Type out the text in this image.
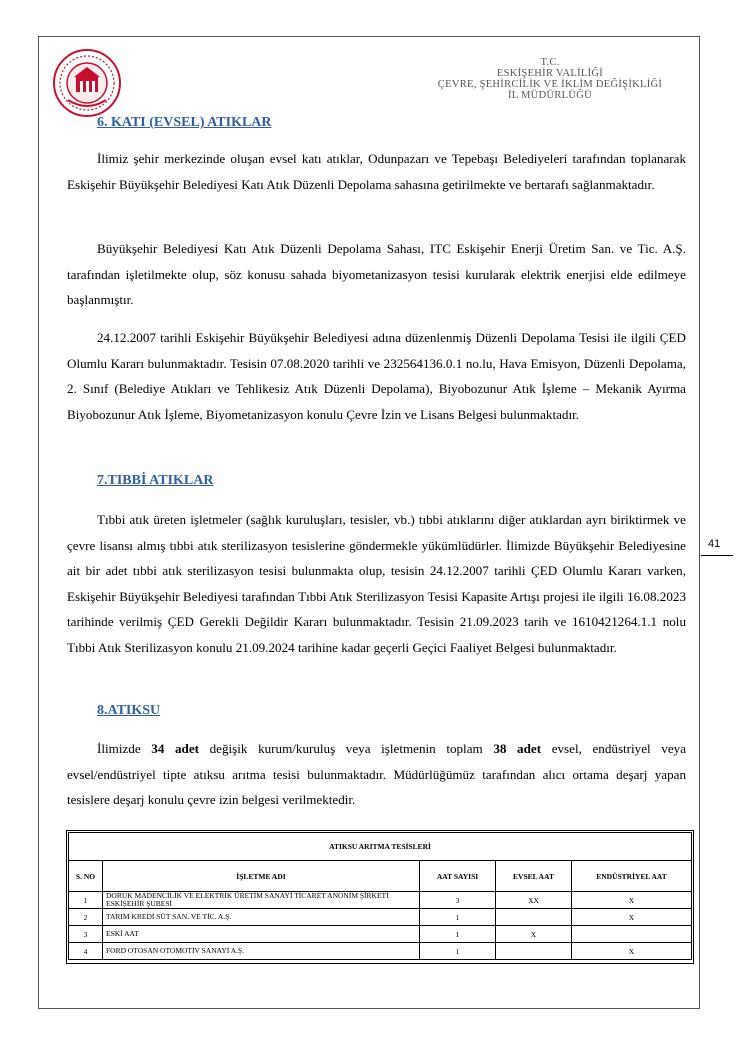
T.C.
ESKİŞEHİR VALİLİĞİ
ÇEVRE, ŞEHİRCİLİK VE İKLİM DEĞİŞİKLİĞİ
İL MÜDÜRLÜĞÜ
6. KATI (EVSEL) ATIKLAR

İlimiz şehir merkezinde oluşan evsel katı atıklar, Odunpazarı ve Tepebaşı Belediyeleri tarafından toplanarak Eskişehir Büyükşehir Belediyesi Katı Atık Düzenli Depolama sahasına getirilmekte ve bertarafı sağlanmaktadır.

Büyükşehir Belediyesi Katı Atık Düzenli Depolama Sahası, ITC Eskişehir Enerji Üretim San. ve Tic. A.Ş. tarafından işletilmekte olup, söz konusu sahada biyometanizasyon tesisi kurularak elektrik enerjisi elde edilmeye başlanmıştır.

24.12.2007 tarihli Eskişehir Büyükşehir Belediyesi adına düzenlenmiş Düzenli Depolama Tesisi ile ilgili ÇED Olumlu Kararı bulunmaktadır. Tesisin 07.08.2020 tarihli ve 232564136.0.1 no.lu, Hava Emisyon, Düzenli Depolama, 2. Sınıf (Belediye Atıkları ve Tehlikesiz Atık Düzenli Depolama), Biyobozunur Atık İşleme – Mekanik Ayırma Biyobozunur Atık İşleme, Biyometanizasyon konulu Çevre İzin ve Lisans Belgesi bulunmaktadır.

7.TIBBİ ATIKLAR

Tıbbi atık üreten işletmeler (sağlık kuruluşları, tesisler, vb.) tıbbi atıklarını diğer atıklardan ayrı biriktirmek ve çevre lisansı almış tıbbi atık sterilizasyon tesislerine göndermekle yükümlüdürler. İlimizde Büyükşehir Belediyesine ait bir adet tıbbi atık sterilizasyon tesisi bulunmakta olup, tesisin 24.12.2007 tarihli ÇED Olumlu Kararı varken, Eskişehir Büyükşehir Belediyesi tarafından Tıbbi Atık Sterilizasyon Tesisi Kapasite Artışı projesi ile ilgili 16.08.2023 tarihinde verilmiş ÇED Gerekli Değildir Kararı bulunmaktadır. Tesisin 21.09.2023 tarih ve 1610421264.1.1 nolu Tıbbi Atık Sterilizasyon konulu 21.09.2024 tarihine kadar geçerli Geçici Faaliyet Belgesi bulunmaktadır.

8.ATIKSU

İlimizde 34 adet değişik kurum/kuruluş veya işletmenin toplam 38 adet evsel, endüstriyel veya evsel/endüstriyel tipte atıksu arıtma tesisi bulunmaktadır. Müdürlüğümüz tarafından alıcı ortama deşarj yapan tesislere deşarj konulu çevre izin belgesi verilmektedir.

41
ATIKSU ARITMA TESİSLERİ				
S. NO	İŞLETME ADI	AAT SAYISI	EVSEL AAT	ENDÜSTRİYEL AAT
1	DORUK MADENCİLİK VE ELEKTRİK ÜRETİM SANAYİ TİCARET ANONİM ŞİRKETİ ESKİŞEHİR ŞUBESİ	3	XX	X
2	TARIM KREDİ SÜT SAN. VE TİC. A.Ş.	1		X
3	ESKİ AAT	1	X	
4	FORD OTOSAN OTOMOTİV SANAYİ A.Ş.	1		X
